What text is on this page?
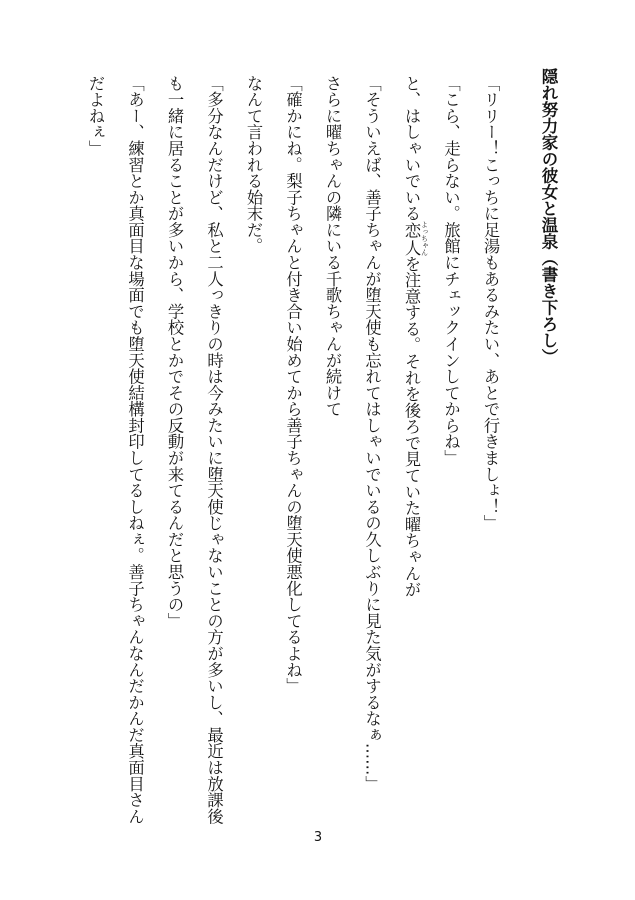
隠れ努力家の彼女と温泉（書き下ろし）

「リリー！こっちに足湯もあるみたい、あとで行きましょ！」

「こら、走らない。旅館にチェックインしてからね」

と、はしゃいでいる恋人 よっちゃんを注意する。それを後ろで見ていた曜ちゃんが

「そういえば、善子ちゃんが堕天使も忘れてはしゃいでいるの久しぶりに見た気がするなぁ……」

さらに曜ちゃんの隣にいる千歌ちゃんが続けて

「確かにね。梨子ちゃんと付き合い始めてから善子ちゃんの堕天使悪化してるよね」

なんて言われる始末だ。

「多分なんだけど、私と二人っきりの時は今みたいに堕天使じゃないことの方が多いし、最近は放課後

も一緒に居ることが多いから、学校とかでその反動が来てるんだと思うの」

「あー、練習とか真面目な場面でも堕天使結構封印してるしねぇ。善子ちゃんなんだかんだ真面目さん

だよねぇ」

3
